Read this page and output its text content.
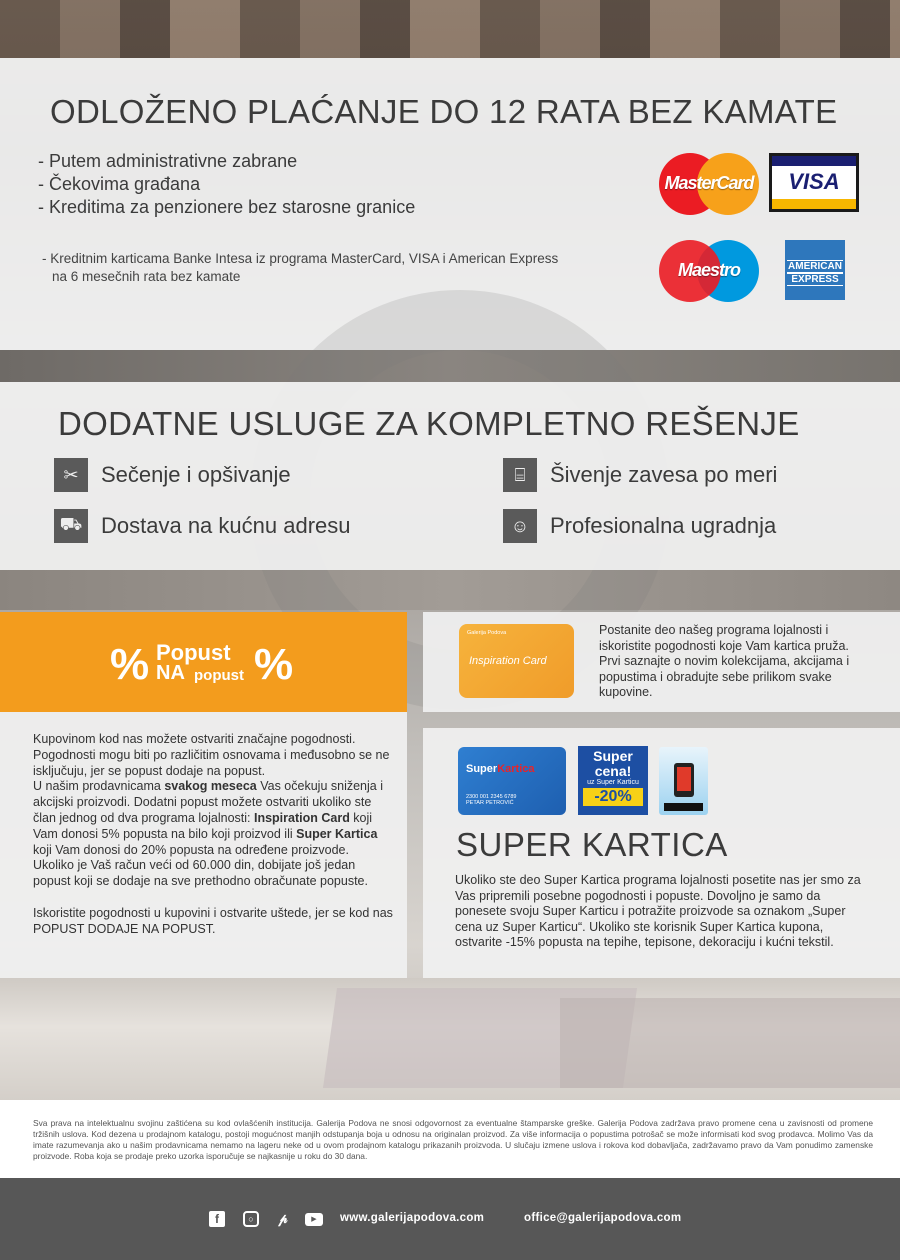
ODLOŽENO PLAĆANJE DO 12 RATA BEZ KAMATE
- Putem administrativne zabrane
- Čekovima građana
- Kreditima za penzionere bez starosne granice
- Kreditnim karticama Banke Intesa iz programa MasterCard, VISA i American Express
na 6 mesečnih rata bez kamate
MasterCard	VISA
Maestro	AMERICAN
EXPRESS
DODATNE USLUGE ZA KOMPLETNO REŠENJE
✂	Sečenje i opšivanje	⌸	Šivenje zavesa po meri
⛟ Dostava na kućnu adresu	☺ Profesionalna ugradnja
% Popust
NA popust %

Kupovinom kod nas možete ostvariti značajne pogodnosti. Pogodnosti mogu biti po različitim osnovama i međusobno se ne isključuju, jer se popust dodaje na popust.

U našim prodavnicama svakog meseca Vas očekuju sniženja i akcijski proizvodi. Dodatni popust možete ostvariti ukoliko ste član jednog od dva programa lojalnosti: Inspiration Card koji Vam donosi 5% popusta na bilo koji proizvod ili Super Kartica koji Vam donosi do 20% popusta na određene proizvode. Ukoliko je Vaš račun veći od 60.000 din, dobijate još jedan popust koji se dodaje na sve prethodno obračunate popuste.

Iskoristite pogodnosti u kupovini i ostvarite uštede, jer se kod nas POPUST DODAJE NA POPUST.

Galerija Podova
Inspiration Card
Postanite deo našeg programa lojalnosti i iskoristite pogodnosti koje Vam kartica pruža. Prvi saznajte o novim kolekcijama, akcijama i popustima i obradujte sebe prilikom svake kupovine.
SuperKartica
2300 001 2345 6789
PETAR PETROVIĆ
Super
cena!
uz Super Karticu
-20%
SUPER KARTICA
Ukoliko ste deo Super Kartica programa lojalnosti posetite nas jer smo za Vas pripremili posebne pogodnosti i popuste. Dovoljno je samo da ponesete svoju Super Karticu i potražite proizvode sa oznakom „Super cena uz Super Karticu“. Ukoliko ste korisnik Super Kartica kupona, ostvarite -15% popusta na tepihe, tepisone, dekoraciju i kućni tekstil.
Sva prava na intelektualnu svojinu zaštićena su kod ovlašćenih institucija. Galerija Podova ne snosi odgovornost za eventualne štamparske greške. Galerija Podova zadržava pravo promene cena u zavisnosti od promene tržišnih uslova. Kod dezena u prodajnom katalogu, postoji mogućnost manjih odstupanja boja u odnosu na originalan proizvod. Za više informacija o popustima potrošač se može informisati kod svog prodavca. Molimo Vas da imate razumevanja ako u našim prodavnicama nemamo na lageru neke od u ovom prodajnom katalogu prikazanih proizvoda. U slučaju izmene uslova i rokova kod dobavljača, zadržavamo pravo da Vam ponudimo zamenske proizvode. Roba koja se prodaje preko uzorka isporučuje se najkasnije u roku do 30 dana.
f	○	𝓅	▶	www.galerijapodova.com	office@galerijapodova.com
